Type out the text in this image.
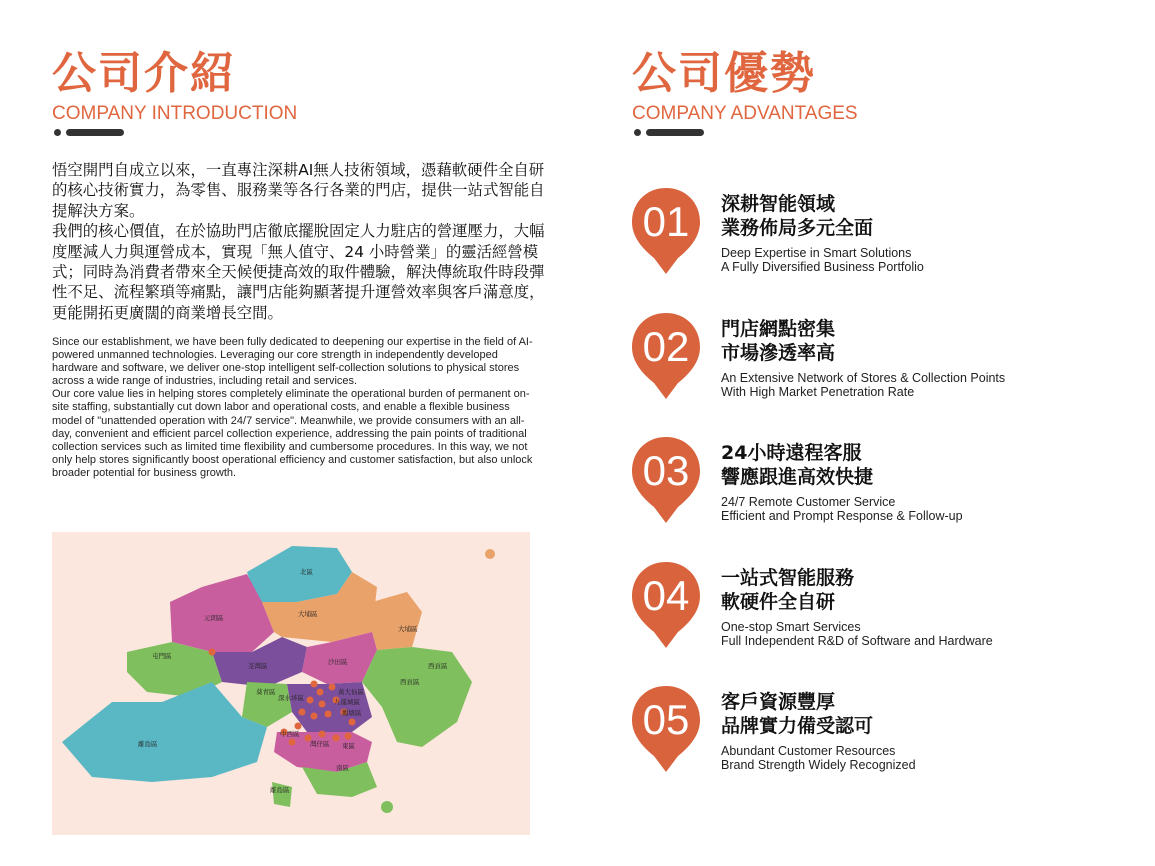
公司介紹
COMPANY INTRODUCTION
悟空開門自成立以來，一直專注深耕AI無人技術領域，憑藉軟硬件全自研的核心技術實力，為零售、服務業等各行各業的門店，提供一站式智能自提解決方案。
我們的核心價值，在於協助門店徹底擺脫固定人力駐店的營運壓力，大幅度壓減人力與運營成本，實現「無人值守、24 小時營業」的靈活經營模式；同時為消費者帶來全天候便捷高效的取件體驗，解決傳統取件時段彈性不足、流程繁瑣等痛點，讓門店能夠顯著提升運營效率與客戶滿意度，更能開拓更廣闊的商業增長空間。
Since our establishment, we have been fully dedicated to deepening our expertise in the field of AI-powered unmanned technologies. Leveraging our core strength in independently developed hardware and software, we deliver one-stop intelligent self-collection solutions to physical stores across a wide range of industries, including retail and services.
Our core value lies in helping stores completely eliminate the operational burden of permanent on-site staffing, substantially cut down labor and operational costs, and enable a flexible business model of "unattended operation with 24/7 service". Meanwhile, we provide consumers with an all-day, convenient and efficient parcel collection experience, addressing the pain points of traditional collection services such as limited time flexibility and cumbersome procedures. In this way, we not only help stores significantly boost operational efficiency and customer satisfaction, but also unlock broader potential for business growth.
北區
元朗區	大埔區
大埔區
屯門區
荃灣區	沙田區	西貢區
西貢區
葵青區
深水埗區
黃大仙區
九龍城區
觀塘區
中西區
灣仔區 東區
離島區
南區
離島區
公司優勢
COMPANY ADVANTAGES
01	深耕智能領域
業務佈局多元全面
Deep Expertise in Smart Solutions
A Fully Diversified Business Portfolio
02	門店網點密集
市場滲透率高
An Extensive Network of Stores & Collection Points
With High Market Penetration Rate
03	24小時遠程客服
響應跟進高效快捷
24/7 Remote Customer Service
Efficient and Prompt Response & Follow-up
04	一站式智能服務
軟硬件全自研
One-stop Smart Services
Full Independent R&D of Software and Hardware
05	客戶資源豐厚
品牌實力備受認可
Abundant Customer Resources
Brand Strength Widely Recognized
